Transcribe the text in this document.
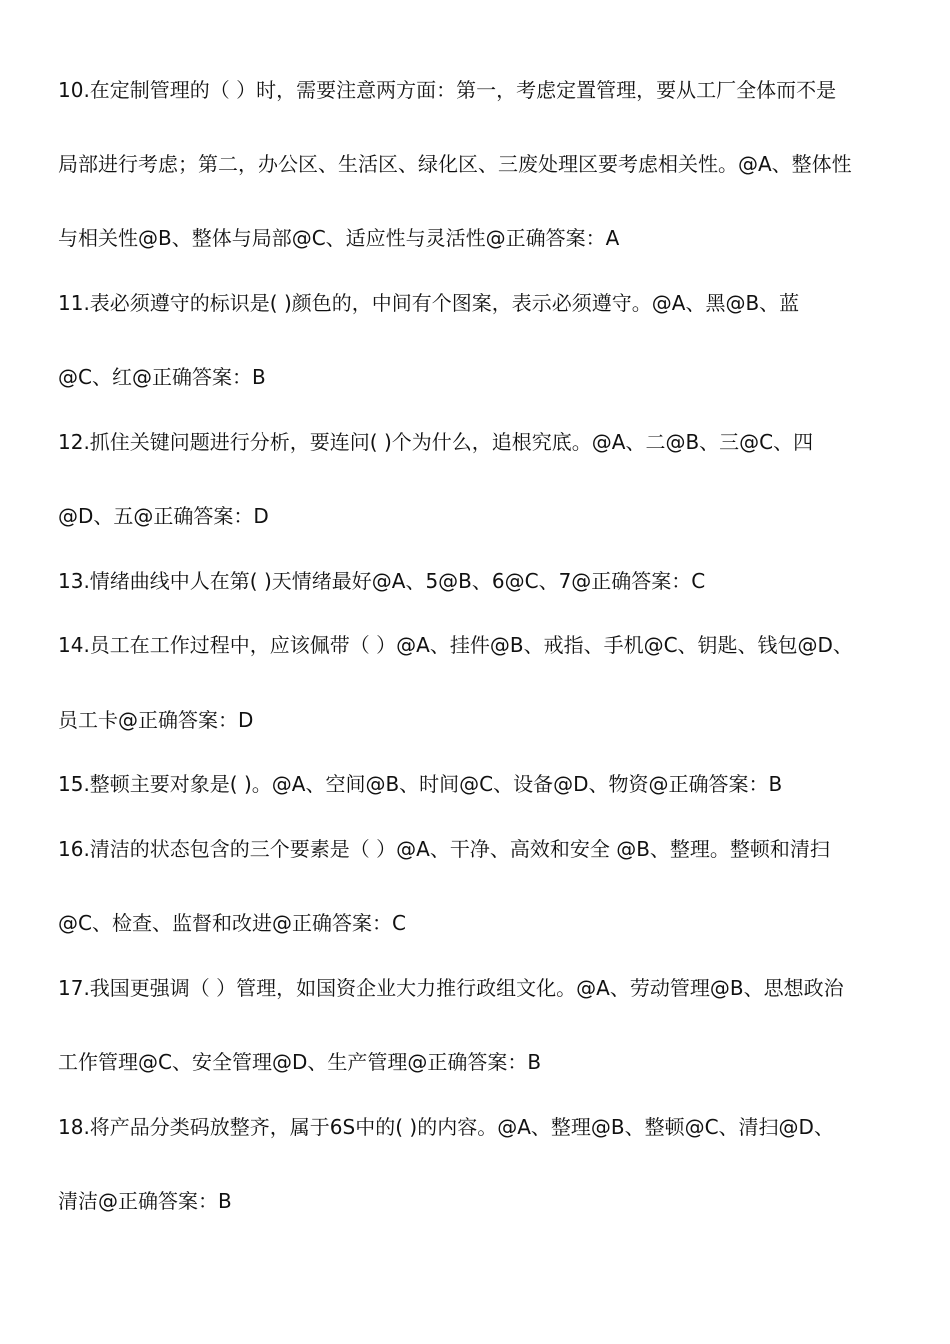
10.在定制管理的（ ）时，需要注意两方面：第一，考虑定置管理，要从工厂全体而不是
局部进行考虑；第二，办公区、生活区、绿化区、三废处理区要考虑相关性。@A、整体性
与相关性@B、整体与局部@C、适应性与灵活性@正确答案：A
11.表必须遵守的标识是( )颜色的，中间有个图案，表示必须遵守。@A、黑@B、蓝
@C、红@正确答案：B
12.抓住关键问题进行分析，要连问( )个为什么，追根究底。@A、二@B、三@C、四
@D、五@正确答案：D
13.情绪曲线中人在第( )天情绪最好@A、5@B、6@C、7@正确答案：C
14.员工在工作过程中，应该佩带（ ）@A、挂件@B、戒指、手机@C、钥匙、钱包@D、
员工卡@正确答案：D
15.整顿主要对象是( )。@A、空间@B、时间@C、设备@D、物资@正确答案：B
16.清洁的状态包含的三个要素是（ ）@A、干净、高效和安全 @B、整理。整顿和清扫
@C、检查、监督和改进@正确答案：C
17.我国更强调（ ）管理，如国资企业大力推行政组文化。@A、劳动管理@B、思想政治
工作管理@C、安全管理@D、生产管理@正确答案：B
18.将产品分类码放整齐，属于6S中的( )的内容。@A、整理@B、整顿@C、清扫@D、
清洁@正确答案：B
